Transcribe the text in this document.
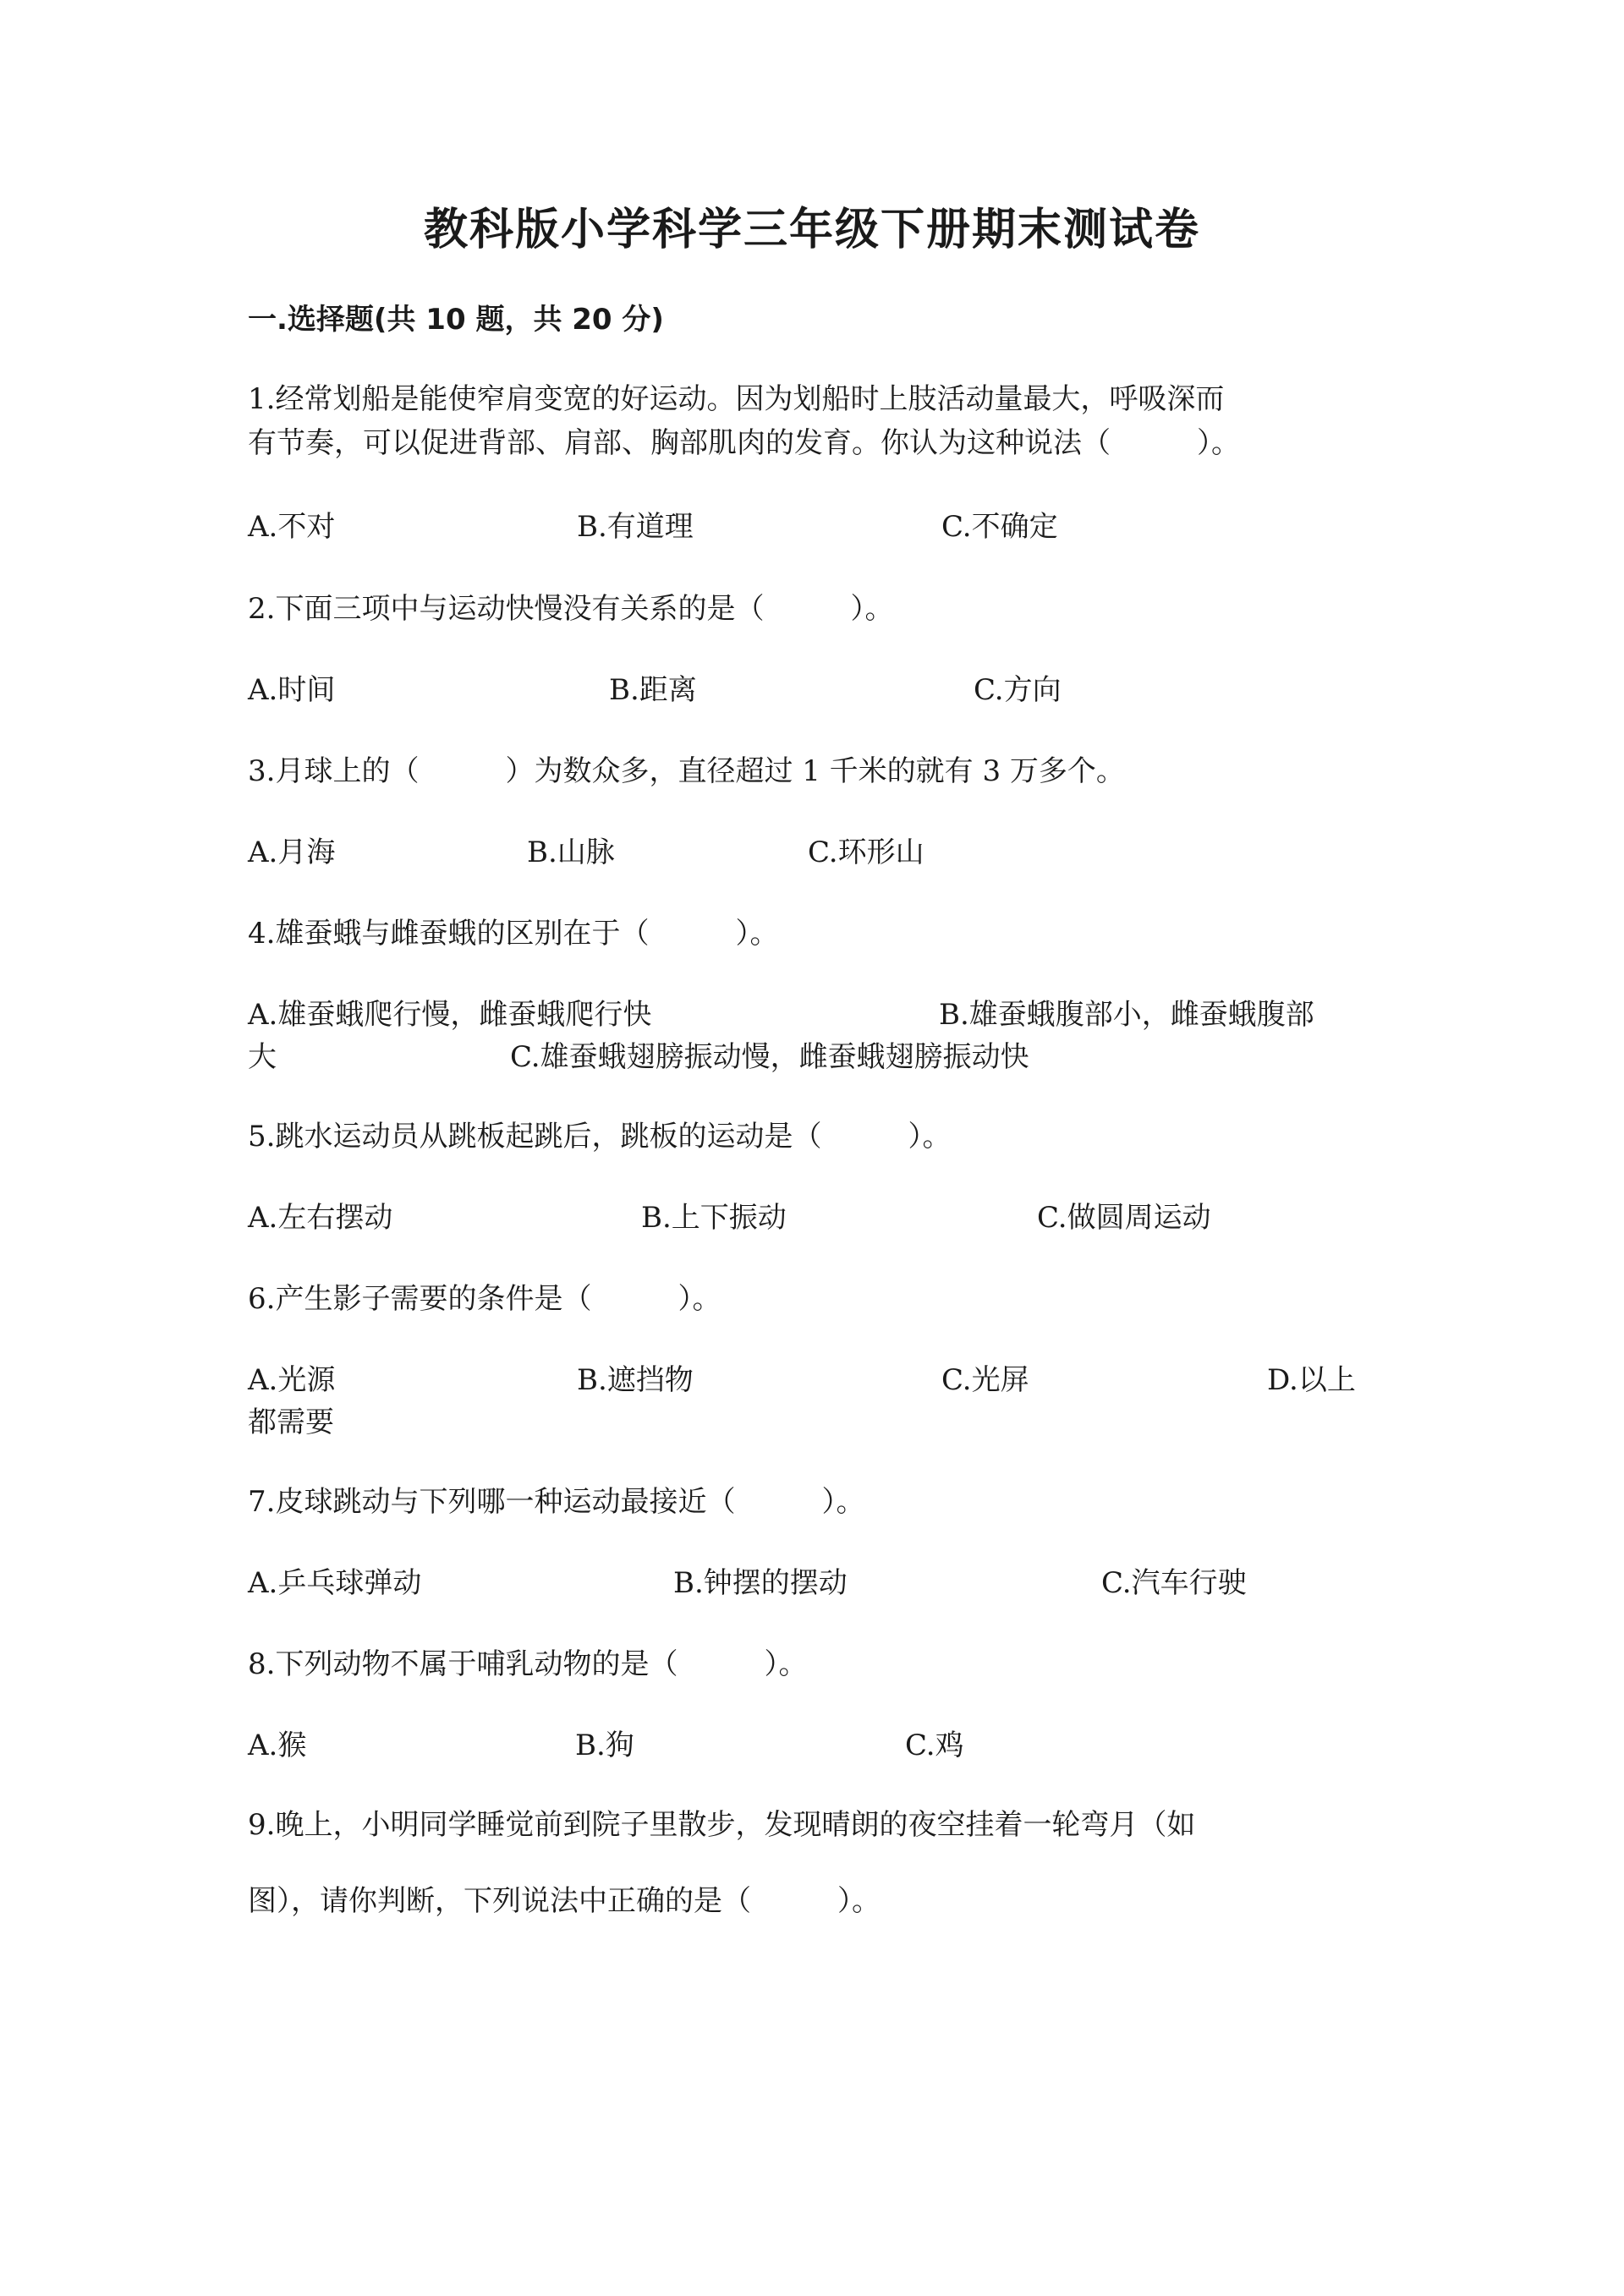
教科版小学科学三年级下册期末测试卷
一.选择题(共 10 题，共 20 分)

1.经常划船是能使窄肩变宽的好运动。因为划船时上肢活动量最大，呼吸深而

有节奏，可以促进背部、肩部、胸部肌肉的发育。你认为这种说法（　　　）。

A.不对	B.有道理	C.不确定

2.下面三项中与运动快慢没有关系的是（　　　）。

A.时间	B.距离	C.方向

3.月球上的（　　　）为数众多，直径超过 1 千米的就有 3 万多个。

A.月海	B.山脉	C.环形山

4.雄蚕蛾与雌蚕蛾的区别在于（　　　）。

A.雄蚕蛾爬行慢，雌蚕蛾爬行快	B.雄蚕蛾腹部小，雌蚕蛾腹部
大	C.雄蚕蛾翅膀振动慢，雌蚕蛾翅膀振动快

5.跳水运动员从跳板起跳后，跳板的运动是（　　　）。

A.左右摆动	B.上下振动	C.做圆周运动

6.产生影子需要的条件是（　　　）。

A.光源	B.遮挡物	C.光屏	D.以上
都需要

7.皮球跳动与下列哪一种运动最接近（　　　）。

A.乒乓球弹动	B.钟摆的摆动	C.汽车行驶

8.下列动物不属于哺乳动物的是（　　　）。

A.猴	B.狗	C.鸡

9.晚上，小明同学睡觉前到院子里散步，发现晴朗的夜空挂着一轮弯月（如

图），请你判断，下列说法中正确的是（　　　）。
